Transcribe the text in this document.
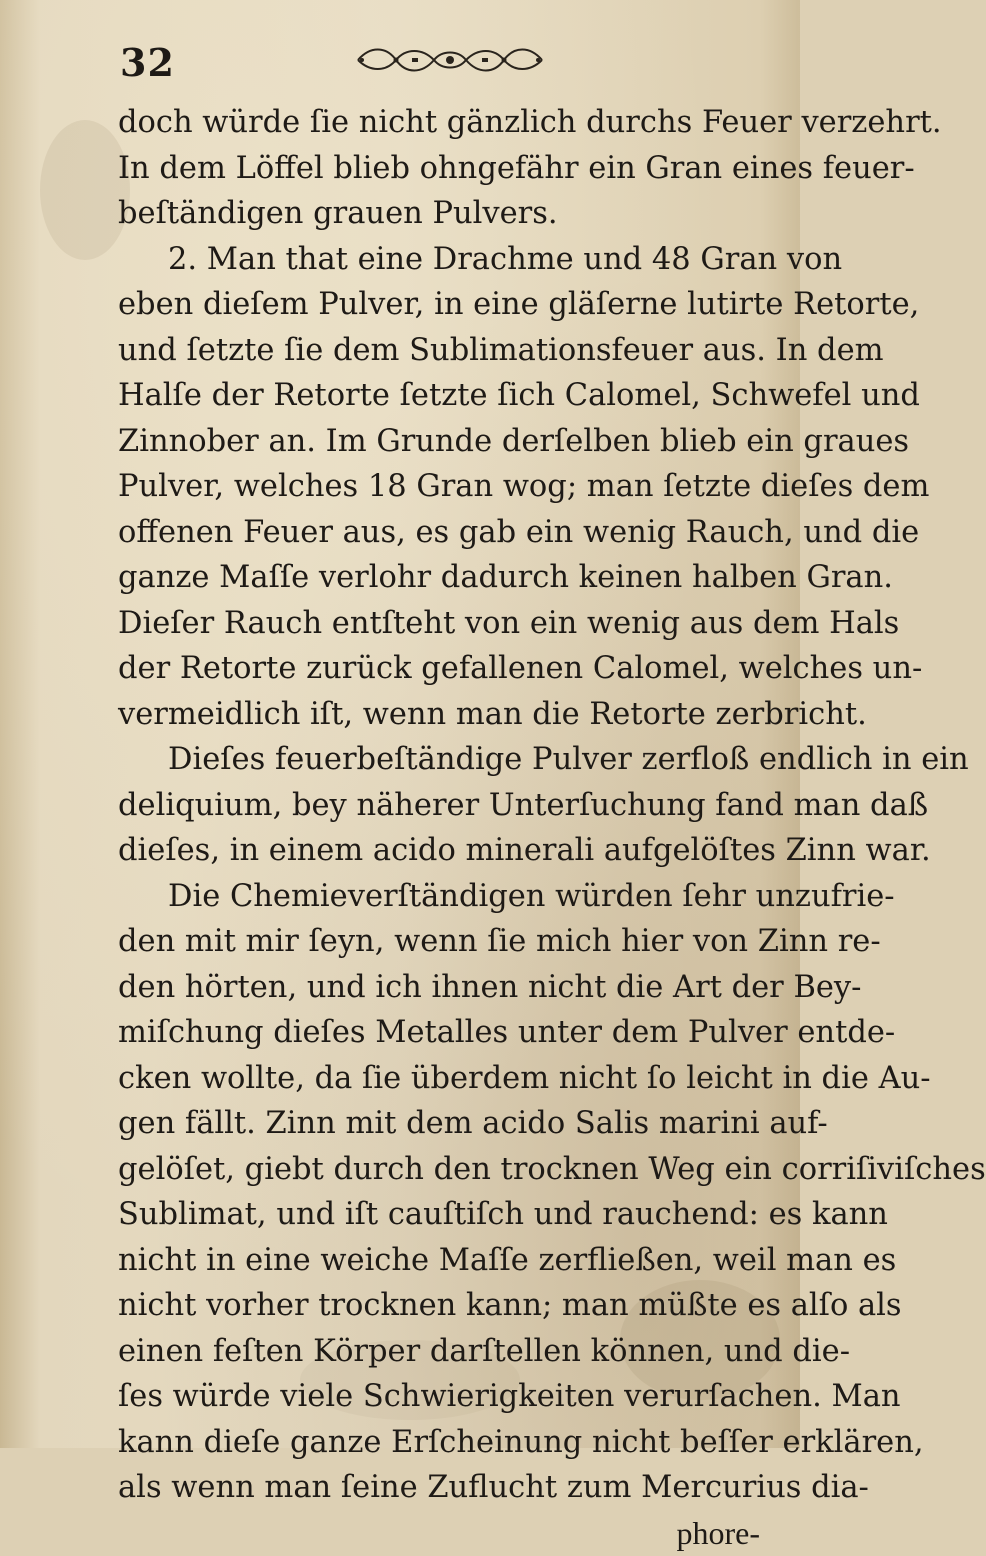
32
doch würde ſie nicht gänzlich durchs Feuer verzehrt.
In dem Löffel blieb ohngefähr ein Gran eines feuer-
beſtändigen grauen Pulvers.
2. Man that eine Drachme und 48 Gran von
eben dieſem Pulver, in eine gläſerne lutirte Retorte,
und ſetzte ſie dem Sublimationsfeuer aus. In dem
Halſe der Retorte ſetzte ſich Calomel, Schwefel und
Zinnober an. Im Grunde derſelben blieb ein graues
Pulver, welches 18 Gran wog; man ſetzte dieſes dem
offenen Feuer aus, es gab ein wenig Rauch, und die
ganze Maſſe verlohr dadurch keinen halben Gran.
Dieſer Rauch entſteht von ein wenig aus dem Hals
der Retorte zurück gefallenen Calomel, welches un-
vermeidlich iſt, wenn man die Retorte zerbricht.
Dieſes feuerbeſtändige Pulver zerfloß endlich in ein
deliquium, bey näherer Unterſuchung fand man daß
dieſes, in einem acido minerali aufgelöſtes Zinn war.
Die Chemieverſtändigen würden ſehr unzufrie-
den mit mir ſeyn, wenn ſie mich hier von Zinn re-
den hörten, und ich ihnen nicht die Art der Bey-
miſchung dieſes Metalles unter dem Pulver entde-
cken wollte, da ſie überdem nicht ſo leicht in die Au-
gen fällt. Zinn mit dem acido Salis marini auf-
gelöſet, giebt durch den trocknen Weg ein corriſiviſches
Sublimat, und iſt cauſtiſch und rauchend: es kann
nicht in eine weiche Maſſe zerfließen, weil man es
nicht vorher trocknen kann; man müßte es alſo als
einen feſten Körper darſtellen können, und die-
ſes würde viele Schwierigkeiten verurſachen. Man
kann dieſe ganze Erſcheinung nicht beſſer erklären,
als wenn man ſeine Zuflucht zum Mercurius dia-
phore-
